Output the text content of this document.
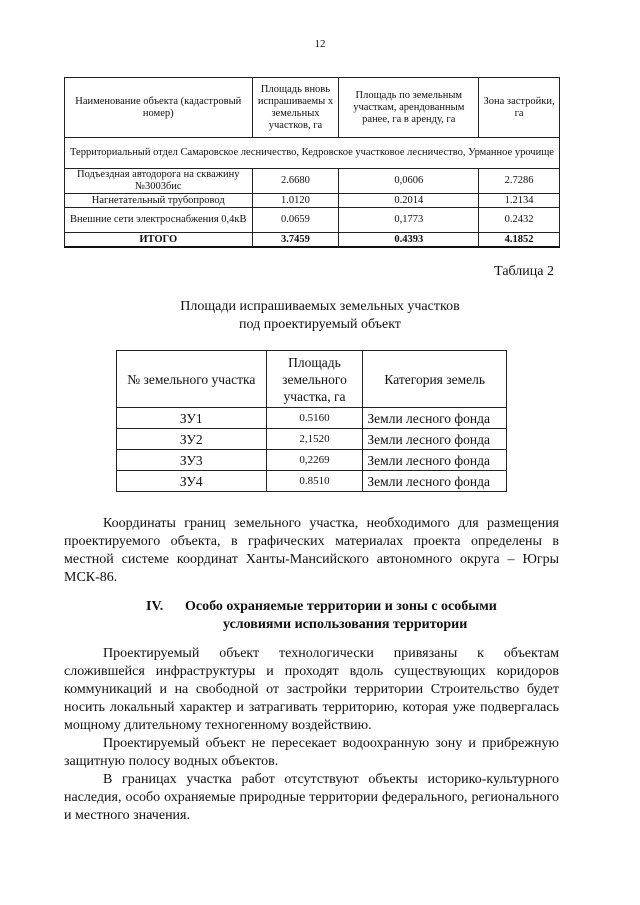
12
Наименование объекта (кадастровый номер)	Площадь вновь испрашиваемы х земельных участков, га	Площадь по земельным участкам, арендованным ранее, га в аренду, га	Зона застройки, га
Территориальный отдел Самаровское лесничество, Кедровское участковое лесничество, Урманное урочище			
Подъездная автодорога на скважину №3003бис	2.6680	0,0606	2.7286
Нагнетательный трубопровод	1.0120	0.2014	1.2134
Внешние сети электроснабжения 0,4кВ	0.0659	0,1773	0.2432
ИТОГО	3.7459	0.4393	4.1852
Таблица 2
Площади испрашиваемых земельных участков
под проектируемый объект
№ земельного участка	Площадь земельного участка, га	Категория земель
ЗУ1	0.5160	Земли лесного фонда
ЗУ2	2,1520	Земли лесного фонда
ЗУ3	0,2269	Земли лесного фонда
ЗУ4	0.8510	Земли лесного фонда

Координаты границ земельного участка, необходимого для размещения проектируемого объекта, в графических материалах проекта определены в местной системе координат Ханты-Мансийского автономного округа – Югры МСК-86.

IV. Особо охраняемые территории и зоны с особыми
условиями использования территории

Проектируемый объект технологически привязаны к объектам сложившейся инфраструктуры и проходят вдоль существующих коридоров коммуникаций и на свободной от застройки территории Строительство будет носить локальный характер и затрагивать территорию, которая уже подвергалась мощному длительному техногенному воздействию.

Проектируемый объект не пересекает водоохранную зону и прибрежную защитную полосу водных объектов.

В границах участка работ отсутствуют объекты историко-культурного наследия, особо охраняемые природные территории федерального, регионального и местного значения.
